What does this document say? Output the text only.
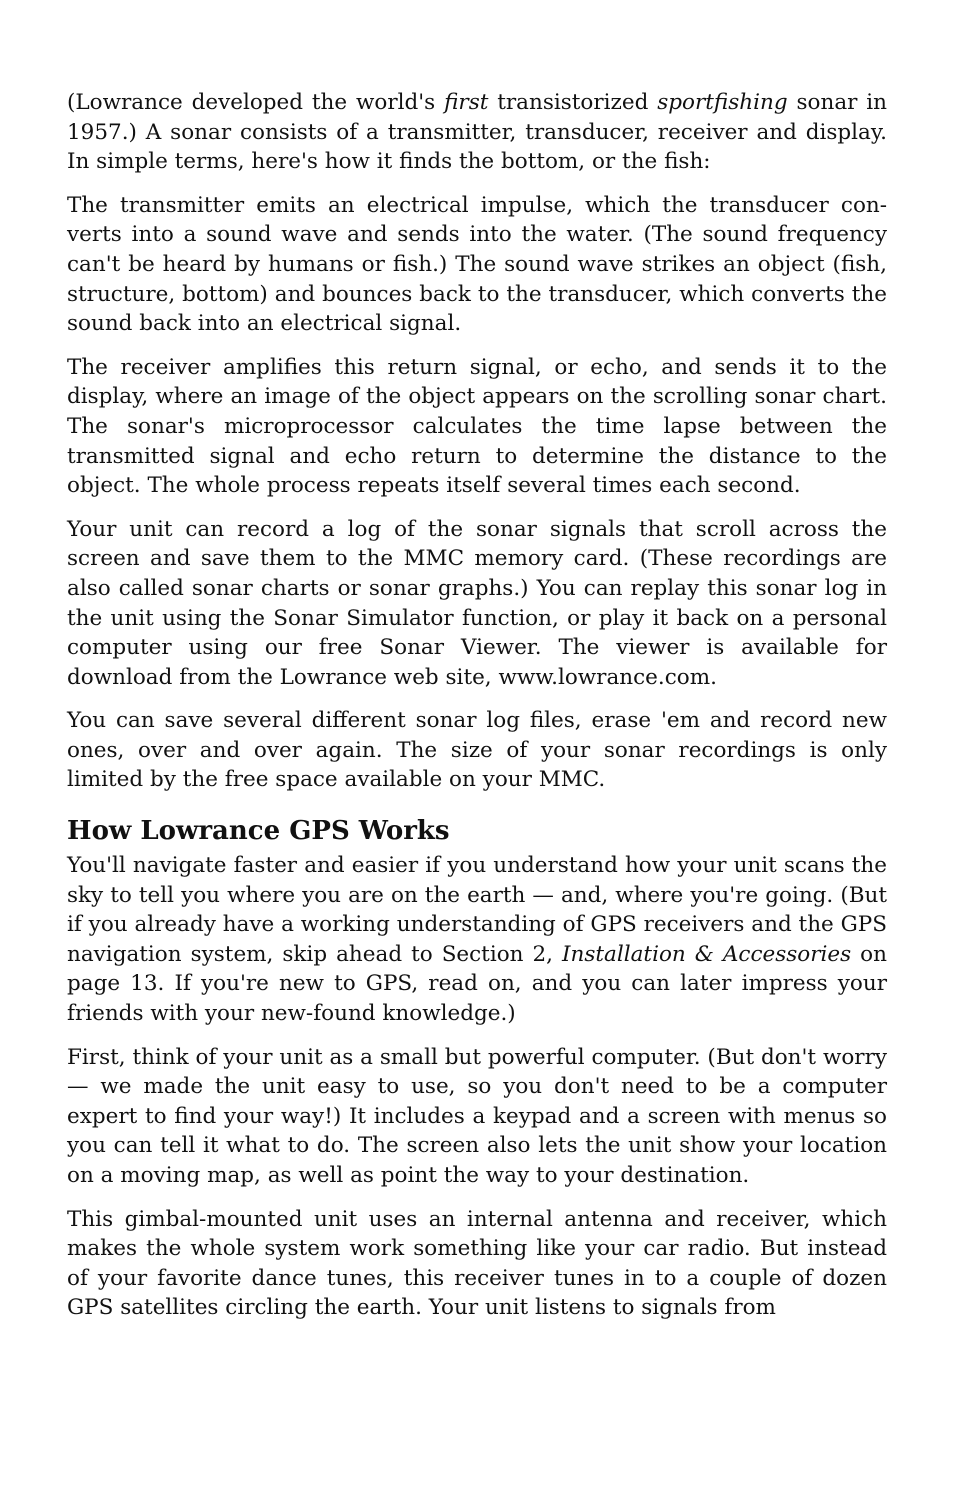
(Lowrance developed the world's first transistorized sportfishing sonar in 1957.) A sonar consists of a transmitter, transducer, receiver and display. In simple terms, here's how it finds the bottom, or the fish:

The transmitter emits an electrical impulse, which the transducer converts into a sound wave and sends into the water. (The sound frequency can't be heard by humans or fish.) The sound wave strikes an object (fish, structure, bottom) and bounces back to the transducer, which converts the sound back into an electrical signal.

The receiver amplifies this return signal, or echo, and sends it to the display, where an image of the object appears on the scrolling sonar chart. The sonar's microprocessor calculates the time lapse between the transmitted signal and echo return to determine the distance to the object. The whole process repeats itself several times each second.

Your unit can record a log of the sonar signals that scroll across the screen and save them to the MMC memory card. (These recordings are also called sonar charts or sonar graphs.) You can replay this sonar log in the unit using the Sonar Simulator function, or play it back on a personal computer using our free Sonar Viewer. The viewer is available for download from the Lowrance web site, www.lowrance.com.

You can save several different sonar log files, erase 'em and record new ones, over and over again. The size of your sonar recordings is only limited by the free space available on your MMC.

How Lowrance GPS Works

You'll navigate faster and easier if you understand how your unit scans the sky to tell you where you are on the earth — and, where you're going. (But if you already have a working understanding of GPS receivers and the GPS navigation system, skip ahead to Section 2, Installation & Accessories on page 13. If you're new to GPS, read on, and you can later impress your friends with your new-found knowledge.)

First, think of your unit as a small but powerful computer. (But don't worry — we made the unit easy to use, so you don't need to be a computer expert to find your way!) It includes a keypad and a screen with menus so you can tell it what to do. The screen also lets the unit show your location on a moving map, as well as point the way to your destination.

This gimbal-mounted unit uses an internal antenna and receiver, which makes the whole system work something like your car radio. But instead of your favorite dance tunes, this receiver tunes in to a couple of dozen GPS satellites circling the earth. Your unit listens to signals from
